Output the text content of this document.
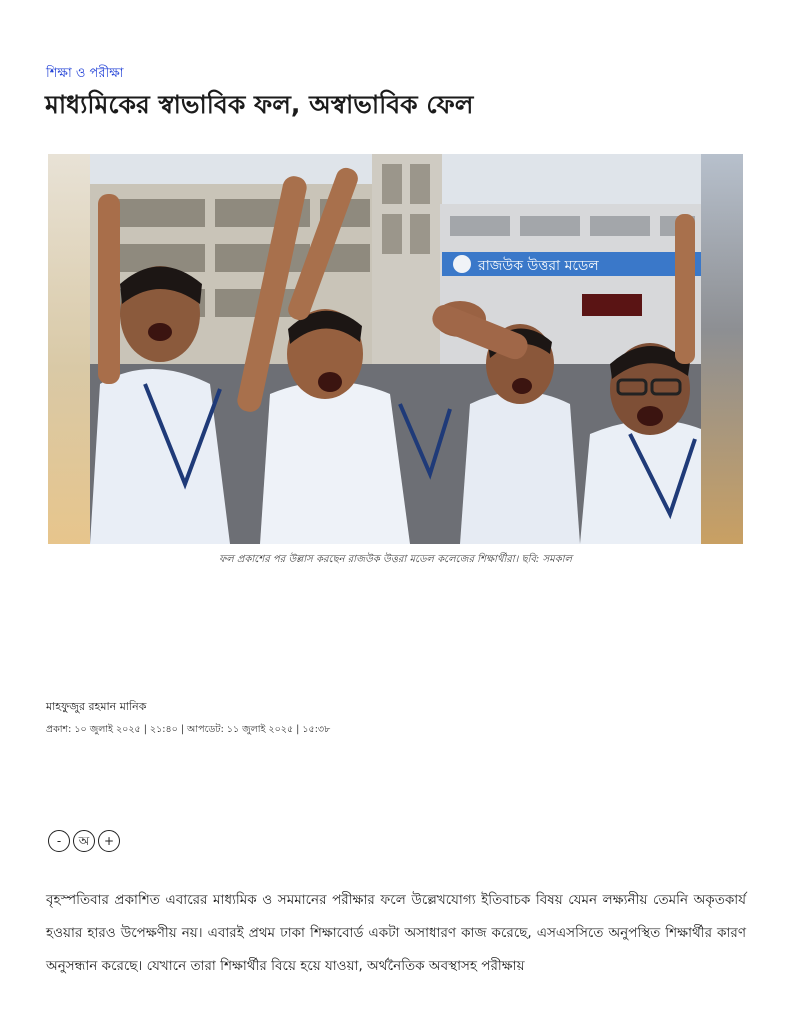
শিক্ষা ও পরীক্ষা
মাধ্যমিকের স্বাভাবিক ফল, অস্বাভাবিক ফেল
রাজউক উত্তরা মডেল
ফল প্রকাশের পর উল্লাস করছেন রাজউক উত্তরা মডেল কলেজের শিক্ষার্থীরা। ছবি: সমকাল
মাহফুজুর রহমান মানিক
প্রকাশ: ১০ জুলাই ২০২৫ | ২১:৪০ | আপডেট: ১১ জুলাই ২০২৫ | ১৫:৩৮
-	অ	+

বৃহস্পতিবার প্রকাশিত এবারের মাধ্যমিক ও সমমানের পরীক্ষার ফলে উল্লেখযোগ্য ইতিবাচক বিষয় যেমন লক্ষ্যনীয় তেমনি অকৃতকার্য হওয়ার হারও উপেক্ষণীয় নয়। এবারই প্রথম ঢাকা শিক্ষাবোর্ড একটা অসাধারণ কাজ করেছে, এসএসসিতে অনুপস্থিত শিক্ষার্থীর কারণ অনুসন্ধান করেছে। যেখানে তারা শিক্ষার্থীর বিয়ে হয়ে যাওয়া, অর্থনৈতিক অবস্থাসহ পরীক্ষায়
